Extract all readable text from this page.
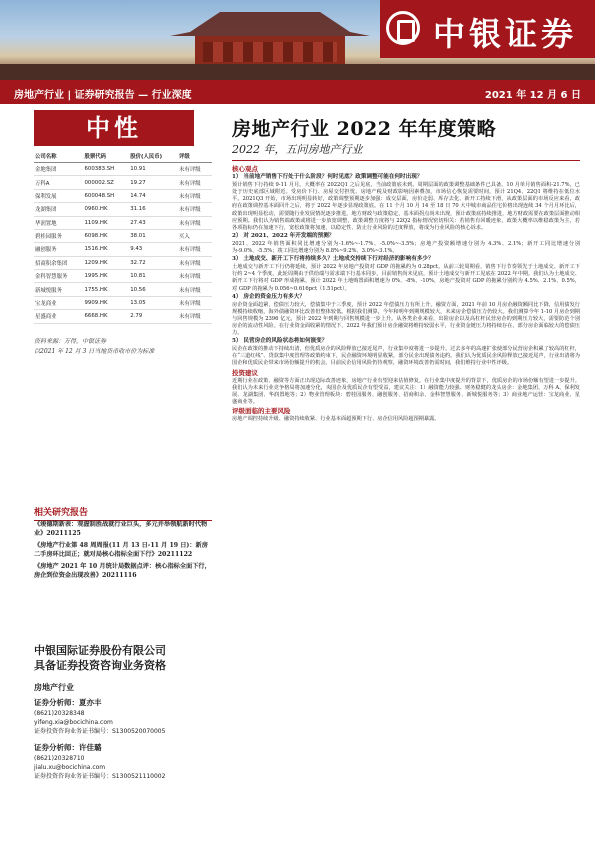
中银证券
房地产行业 | 证券研究报告 — 行业深度	2021 年 12 月 6 日
中性
公司名称	股票代码	股价(人民币)	评级
金地集团	600383.SH	10.91	未有评级
万科A	000002.SZ	19.27	未有评级
保利发展	600048.SH	14.74	未有评级
龙湖集团	0960.HK	31.16	未有评级
华润置地	1109.HK	27.43	未有评级
碧桂园服务	6098.HK	38.01	买入
融创服务	1516.HK	9.43	未有评级
招商积余集团	1209.HK	32.72	未有评级
金科智慧服务	1995.HK	10.81	未有评级
新城悦服务	1755.HK	10.56	未有评级
宝龙商业	9909.HK	13.05	未有评级
星盛商业	6668.HK	2.79	未有评级
资料来源：万得，中银证券
以2021 年 12 月 3 日当地货币收市价为标准
相关研究报告

《竣德期新表：观握制胜战就行业巨头，多元并举领航新时代物业》20211125

《房地产行业第 48 周周报(11 月 13 日-11 月 19 日)：新房二手房环比回正；就对局核心指标全面下行》20211122

《房地产 2021 年 10 月统计局数据点评：核心指标全面下行，房企到位资金出现改善》20211116

中银国际证券股份有限公司
具备证券投资咨询业务资格
房地产行业
证券分析师：夏亦丰
(8621)20328348
yifeng.xia@bocichina.com
证券投资咨询业务证书编号：S1300520070005
证券分析师：许佳璐
(8621)20328710
jialu.xu@bocichina.com
证券投资咨询业务证书编号：S1300521110002
房地产行业 2022 年年度策略
2022 年，五问房地产行业

核心观点

1） 当前地产销售下行处于什么阶段？何时见底？政策调整可能在何时出现？

预计销售下行持续 9-11 月月。大概率在 2022Q1 之后见底，当前政策底未到。周期层面的政策调整基础条件已具备。10 月单月销售面积-21.7%，已处于历史底部区域附近。受房价下行、房屋交付担忧、房地产税及财政影响因素叠加，市场信心恢复需要时间，预计 21Q4、22Q1 将维持在低位水平。2021Q3 开始，市场出现明显转好，政策调整预期逐步加强：成交层面，房价走弱、库存去化、新开工持续下滑，从政策层面的市场反应来看，政府在政策调控基本面回升之后，将于 2022 年逐步显现政策底。在 11 个月 10 月 14 至 18 日 70 大中城市商品住宅价格出现连续 34 个月月环比后，政策出现明显松动，需要随行业发展情况逐步推进。地方财政与政策稳定，基本面拐点尚未出现，预计政策底持续推进，地方财政需要在政策层面推动相应预期。我们认为销售端政策或将进一步放宽调整，政策调整力度将与 22Q2 指标情况密切相关：若销售有回暖迹象，政策大概率以维稳政策为主，若各项指标仍在加速下行，宽松政策将加速，以稳定性、防止行业风险的过度释放，将成为行业风险的核心诉求。

2） 对 2021、2022 年开发端的预测？

2021、2022 年销售面积同比增速分别为-1.6%~-1.7%、-5.0%~-3.5%；房地产投资额增速分别为 4.3%、2.1%；新开工同比增速分别为-9.0%、-5.5%；竣工同比增速分别为 8.8%~9.2%、3.0%~3.1%。

3） 土地成交、新开工下行将持续多久？土地成交持续下行对经济的影响有多少？

土地成交与新开工下行仍将延续，预计 2022 年房地产投资对 GDP 的拖累约为 0.28pct。从前三轮周期看，销售下行节奏领先于土地成交、新开工下行约 2~4 个季度，此轮周期由于供给端与需求端下行基本同步，目前销售尚未见底，预计土地成交与新开工见底在 2022 年中期。我们认为土地成交、新开工下行将对 GDP 形成拖累，预计 2022 年土地购置面积增速为 0%、-8%、-10%，房地产投资对 GDP 的拖累分别约为 4.5%、2.1%、0.5%，对 GDP 的拖累为 0.056~0.616pct（1.51pct）。

4） 房企的资金压力有多大？

房企资金面趋紧，偿债压力较大，偿债集中于三季度，预计 2022 年偿债压力有所上升。融资方面，2021 年前 10 月房企融资额同比下降，信用债发行规模持续收缩，海外债融资环比改善但整体较低。根据我们测算，今年和明年到期规模较大，未来房企偿债压力仍较大。我们测算今年 1-10 月房企到期与回售规模为 2396 亿元，预计 2022 年到期与回售规模进一步上升。从各类企业来看，出险房企以及高杠杆民营房企的到期压力较大，需要防范个别房企的流动性风险。在行业资金面收紧的情况下，2022 年我们预计房企融资将维持较弱水平，行业资金链压力将持续存在，部分房企面临较大的偿债压力。

5） 民营房企的风险状态将如何演变？

民企在政策的推动下持续出清，但优质房企的风险释放已接近尾声，行业集中度将进一步提升。过去多年的高速扩张使部分民营房企积累了较高的杠杆，在“三道红线”、贷款集中度管理等政策约束下，民企融资环境明显收紧，部分民企出现债务违约。我们认为优质民企风险释放已接近尾声，行业出清将为国企和优质民企带来市场份额提升的机会。目前民企信用风险仍待观察，融资环境改善仍需时间，我们维持行业中性评级。

投资建议

近期行业在政策、融资等方面正出现边际改善迹象，房地产行业有望迎来估值修复。在行业集中度提升的背景下，优质房企的市场份额有望进一步提升。我们认为未来行业竞争格局将加速分化，央国企及优质民企有望受益，建议关注：1）融资能力较强、财务稳健的龙头房企：金地集团、万科 A、保利发展、龙湖集团、华润置地等；2）物业管理板块：碧桂园服务、融创服务、招商积余、金科智慧服务、新城悦服务等；3）商业地产运营：宝龙商业、星盛商业等。

评级面临的主要风险

房地产调控持续升级、融资持续收紧、行业基本面超预期下行、房企信用风险超预期暴露。
